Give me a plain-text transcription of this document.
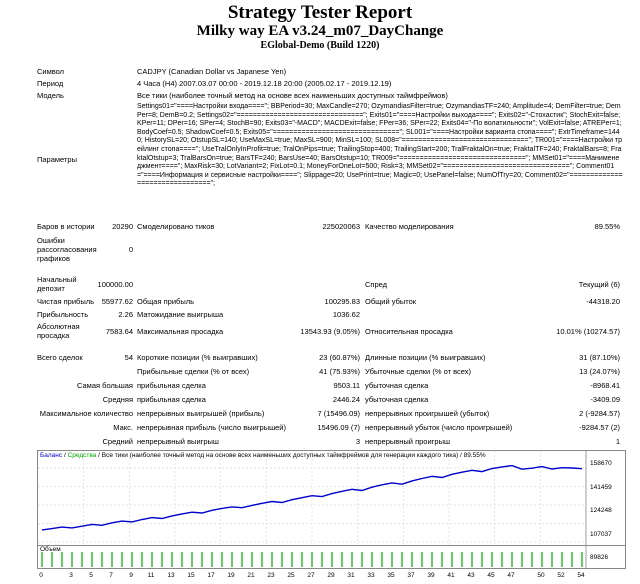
Strategy Tester Report
Milky way EA v3.24_m07_DayChange
EGlobal-Demo (Build 1220)
Символ	CADJPY (Canadian Dollar vs Japanese Yen)
Период	4 Часа (H4) 2007.03.07 00:00 - 2019.12.18 20:00 (2005.02.17 - 2019.12.19)
Модель	Все тики (наиболее точный метод на основе всех наименьших доступных таймфреймов)
Параметры
Settings01="====Настройки входа===="; BBPeriod=30; MaxCandle=270; OzymandiasFilter=true; OzymandiasTF=240; Amplitude=4; DemFilter=true; DemPer=8; DemB=0.2; Settings02="==============================="; Exits01="====Настройки выхода===="; Exits02="-Стохастик"; StochExit=false; KPer=11; DPer=16; SPer=4; StochB=90; Exits03="-MACD"; MACDExit=false; FPer=36; SPer=22; Exits04="-По волатильности"; VolExit=false; ATREPer=1; BodyCoef=0.5; ShadowCoef=0.5; Exits05="==============================="; SL001="====Настройки варианта стопа===="; ExtrTimeframe=1440; HistorySL=20; OtstupSL=140; UseMaxSL=true; MaxSL=900; MinSL=100; SL008="==============================="; TR001="====Настройки трейлинг стопа===="; UseTralOnlyInProfit=true; TralOnPips=true; TrailingStop=400; TrailingStart=200; TralFraktalOn=true; FraktalTF=240; FraktalBars=8; FraktalOtstup=3; TralBarsOn=true; BarsTF=240; BarsUse=40; BarsOtstup=10; TR009="==============================="; MMSet01="====Манименеджмент===="; MaxRisk=30; LotVariant=2; FixLot=0.1; MoneyForOneLot=500; Risk=3; MMSet02="==============================="; Comment01="====Информация и сервисные настройки===="; Slippage=20; UsePrint=true; Magic=0; UsePanel=false; NumOfTry=20; Comment02="===============================";
Баров в истории	20290 Смоделировано тиков	225020063 Качество моделирования	89.55%
Ошибки рассогласования графиков
0
Начальный депозит	100000.00	Спред	Текущий (6)
Чистая прибыль	55977.62 Общая прибыль	100295.83 Общий убыток	-44318.20
Прибыльность	2.26 Матожидание выигрыша	1036.62
Абсолютная просадка	7583.64 Максимальная просадка	13543.93 (9.05%) Относительная просадка	10.01% (10274.57)
Всего сделок	54 Короткие позиции (% выигравших)	23 (60.87%) Длинные позиции (% выигравших)	31 (87.10%)
Прибыльные сделки (% от всех)	41 (75.93%) Убыточные сделки (% от всех)	13 (24.07%)
Самая большая прибыльная сделка	9503.11 убыточная сделка	-8968.41
Средняя прибыльная сделка	2446.24 убыточная сделка	-3409.09
Максимальное количество непрерывных выигрышей (прибыль)	7 (15496.09) непрерывных проигрышей (убыток)	2 (-9284.57)
Макс. непрерывная прибыль (число выигрышей)	15496.09 (7) непрерывный убыток (число проигрышей)	-9284.57 (2)
Средний непрерывный выигрыш	3 непрерывный проигрыш	1
Баланс / Средства / Все тики (наиболее точный метод на основе всех наименьших доступных таймфреймов для генерации каждого тика) / 89.55%
Объем
158670
141459
124248
107037
89826
0	3	5	7	9	11	13	15	17	19	21	23	25	27	29	31	33	35	37	39	41	43	45	47	50	52	54
